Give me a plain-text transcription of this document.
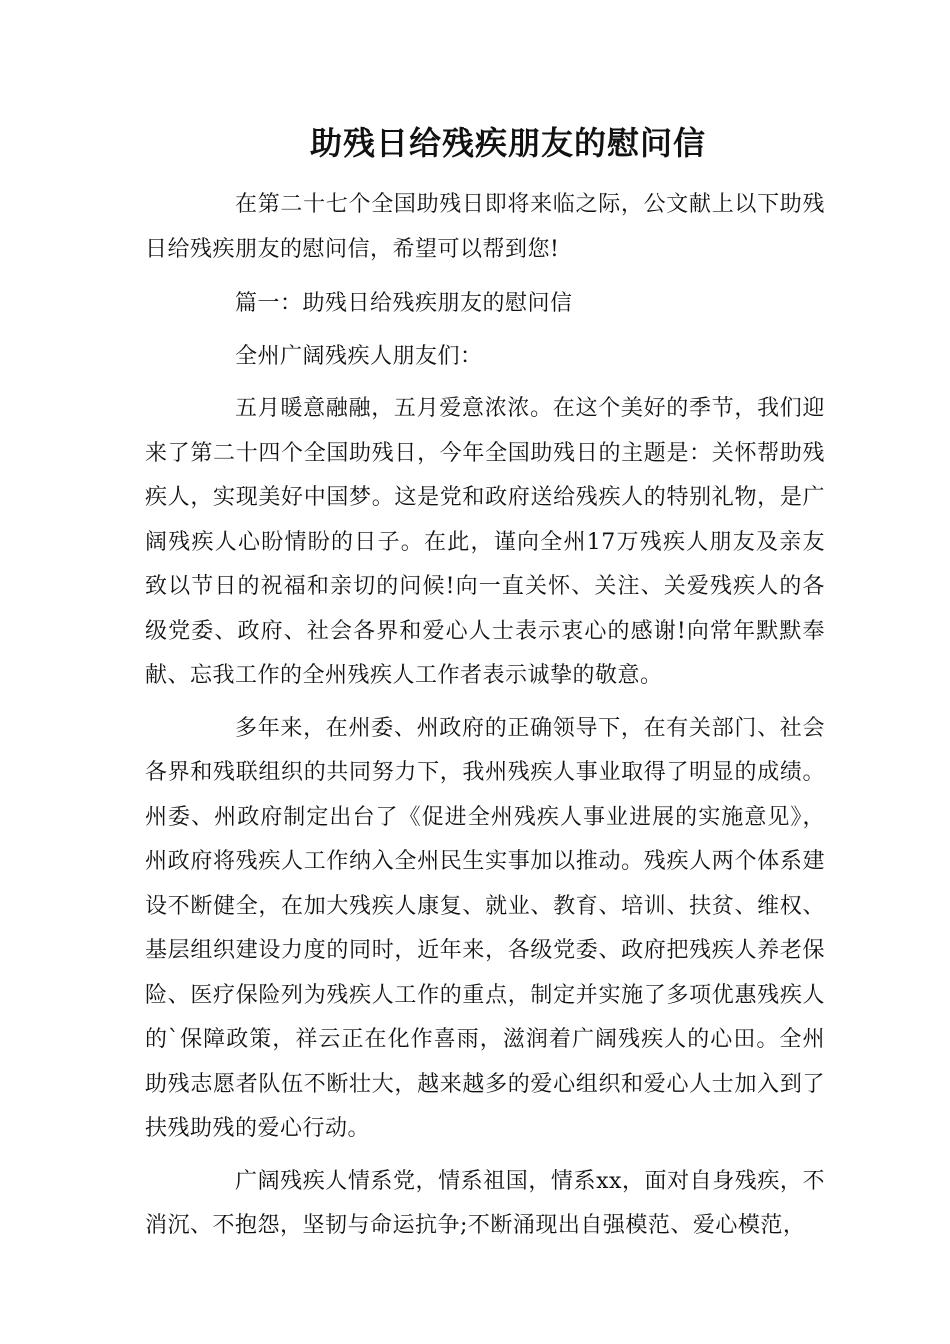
助残日给残疾朋友的慰问信

在第二十七个全国助残日即将来临之际，公文献上以下助残日给残疾朋友的慰问信，希望可以帮到您!

篇一：助残日给残疾朋友的慰问信

全州广阔残疾人朋友们：

五月暖意融融，五月爱意浓浓。在这个美好的季节，我们迎来了第二十四个全国助残日，今年全国助残日的主题是：关怀帮助残疾人，实现美好中国梦。这是党和政府送给残疾人的特别礼物，是广阔残疾人心盼情盼的日子。在此，谨向全州17万残疾人朋友及亲友致以节日的祝福和亲切的问候!向一直关怀、关注、关爱残疾人的各级党委、政府、社会各界和爱心人士表示衷心的感谢!向常年默默奉献、忘我工作的全州残疾人工作者表示诚挚的敬意。

多年来，在州委、州政府的正确领导下，在有关部门、社会各界和残联组织的共同努力下，我州残疾人事业取得了明显的成绩。州委、州政府制定出台了《促进全州残疾人事业进展的实施意见》，州政府将残疾人工作纳入全州民生实事加以推动。残疾人两个体系建设不断健全，在加大残疾人康复、就业、教育、培训、扶贫、维权、基层组织建设力度的同时，近年来，各级党委、政府把残疾人养老保险、医疗保险列为残疾人工作的重点，制定并实施了多项优惠残疾人的`保障政策，祥云正在化作喜雨，滋润着广阔残疾人的心田。全州助残志愿者队伍不断壮大，越来越多的爱心组织和爱心人士加入到了扶残助残的爱心行动。

广阔残疾人情系党，情系祖国，情系xx，面对自身残疾，不消沉、不抱怨，坚韧与命运抗争;不断涌现出自强模范、爱心模范，
